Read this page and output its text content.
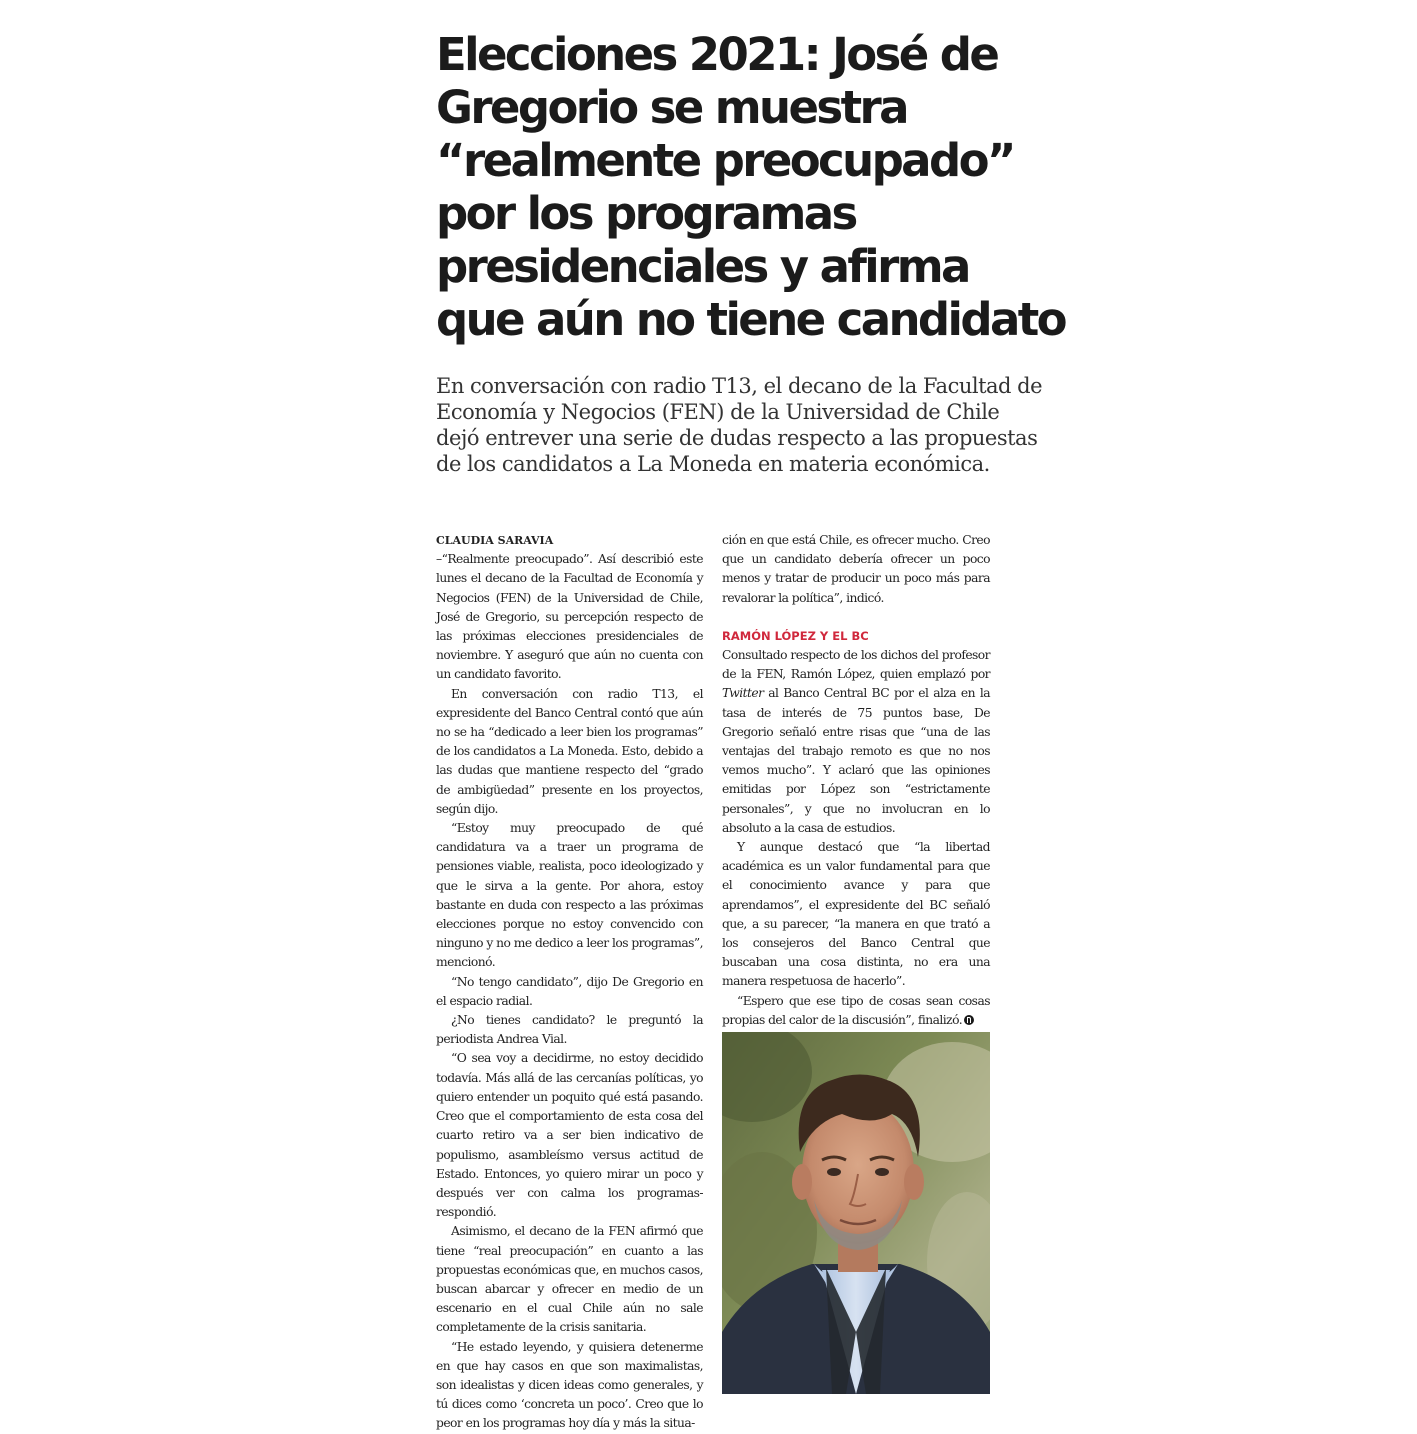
Elecciones 2021: José de
Gregorio se muestra
“realmente preocupado”
por los programas
presidenciales y afirma
que aún no tiene candidato
En conversación con radio T13, el decano de la Facultad de
Economía y Negocios (FEN) de la Universidad de Chile
dejó entrever una serie de dudas respecto a las propuestas
de los candidatos a La Moneda en materia económica.
CLAUDIA SARAVIA

–“Realmente preocupado”. Así describió este lunes el decano de la Facultad de Economía y Negocios (FEN) de la Universidad de Chile, José de Gregorio, su percepción respecto de las próximas elecciones presidenciales de noviembre. Y aseguró que aún no cuenta con un candidato favorito.

En conversación con radio T13, el expresidente del Banco Central contó que aún no se ha “dedicado a leer bien los programas” de los candidatos a La Moneda. Esto, debido a las dudas que mantiene respecto del “grado de ambigüedad” presente en los proyectos, según dijo.

“Estoy muy preocupado de qué candidatura va a traer un programa de pensiones viable, realista, poco ideologizado y que le sirva a la gente. Por ahora, estoy bastante en duda con respecto a las próximas elecciones porque no estoy convencido con ninguno y no me dedico a leer los programas”, mencionó.

“No tengo candidato”, dijo De Gregorio en el espacio radial.

¿No tienes candidato? le preguntó la periodista Andrea Vial.

“O sea voy a decidirme, no estoy decidido todavía. Más allá de las cercanías políticas, yo quiero entender un poquito qué está pasando. Creo que el comportamiento de esta cosa del cuarto retiro va a ser bien indicativo de populismo, asambleísmo versus actitud de Estado. Entonces, yo quiero mirar un poco y después ver con calma los programas- respondió.

Asimismo, el decano de la FEN afirmó que tiene “real preocupación” en cuanto a las propuestas económicas que, en muchos casos, buscan abarcar y ofrecer en medio de un escenario en el cual Chile aún no sale completamente de la crisis sanitaria.

“He estado leyendo, y quisiera detenerme en que hay casos en que son maximalistas, son idealistas y dicen ideas como generales, y tú dices como ‘concreta un poco’. Creo que lo peor en los programas hoy día y más la situa-

ción en que está Chile, es ofrecer mucho. Creo que un candidato debería ofrecer un poco menos y tratar de producir un poco más para revalorar la política”, indicó.

RAMÓN LÓPEZ Y EL BC

Consultado respecto de los dichos del profesor de la FEN, Ramón López, quien emplazó por Twitter al Banco Central BC por el alza en la tasa de interés de 75 puntos base, De Gregorio señaló entre risas que “una de las ventajas del trabajo remoto es que no nos vemos mucho”. Y aclaró que las opiniones emitidas por López son “estrictamente personales”, y que no involucran en lo absoluto a la casa de estudios.

Y aunque destacó que “la libertad académica es un valor fundamental para que el conocimiento avance y para que aprendamos”, el expresidente del BC señaló que, a su parecer, “la manera en que trató a los consejeros del Banco Central que buscaban una cosa distinta, no era una manera respetuosa de hacerlo”.

“Espero que ese tipo de cosas sean cosas propias del calor de la discusión”, finalizó.
